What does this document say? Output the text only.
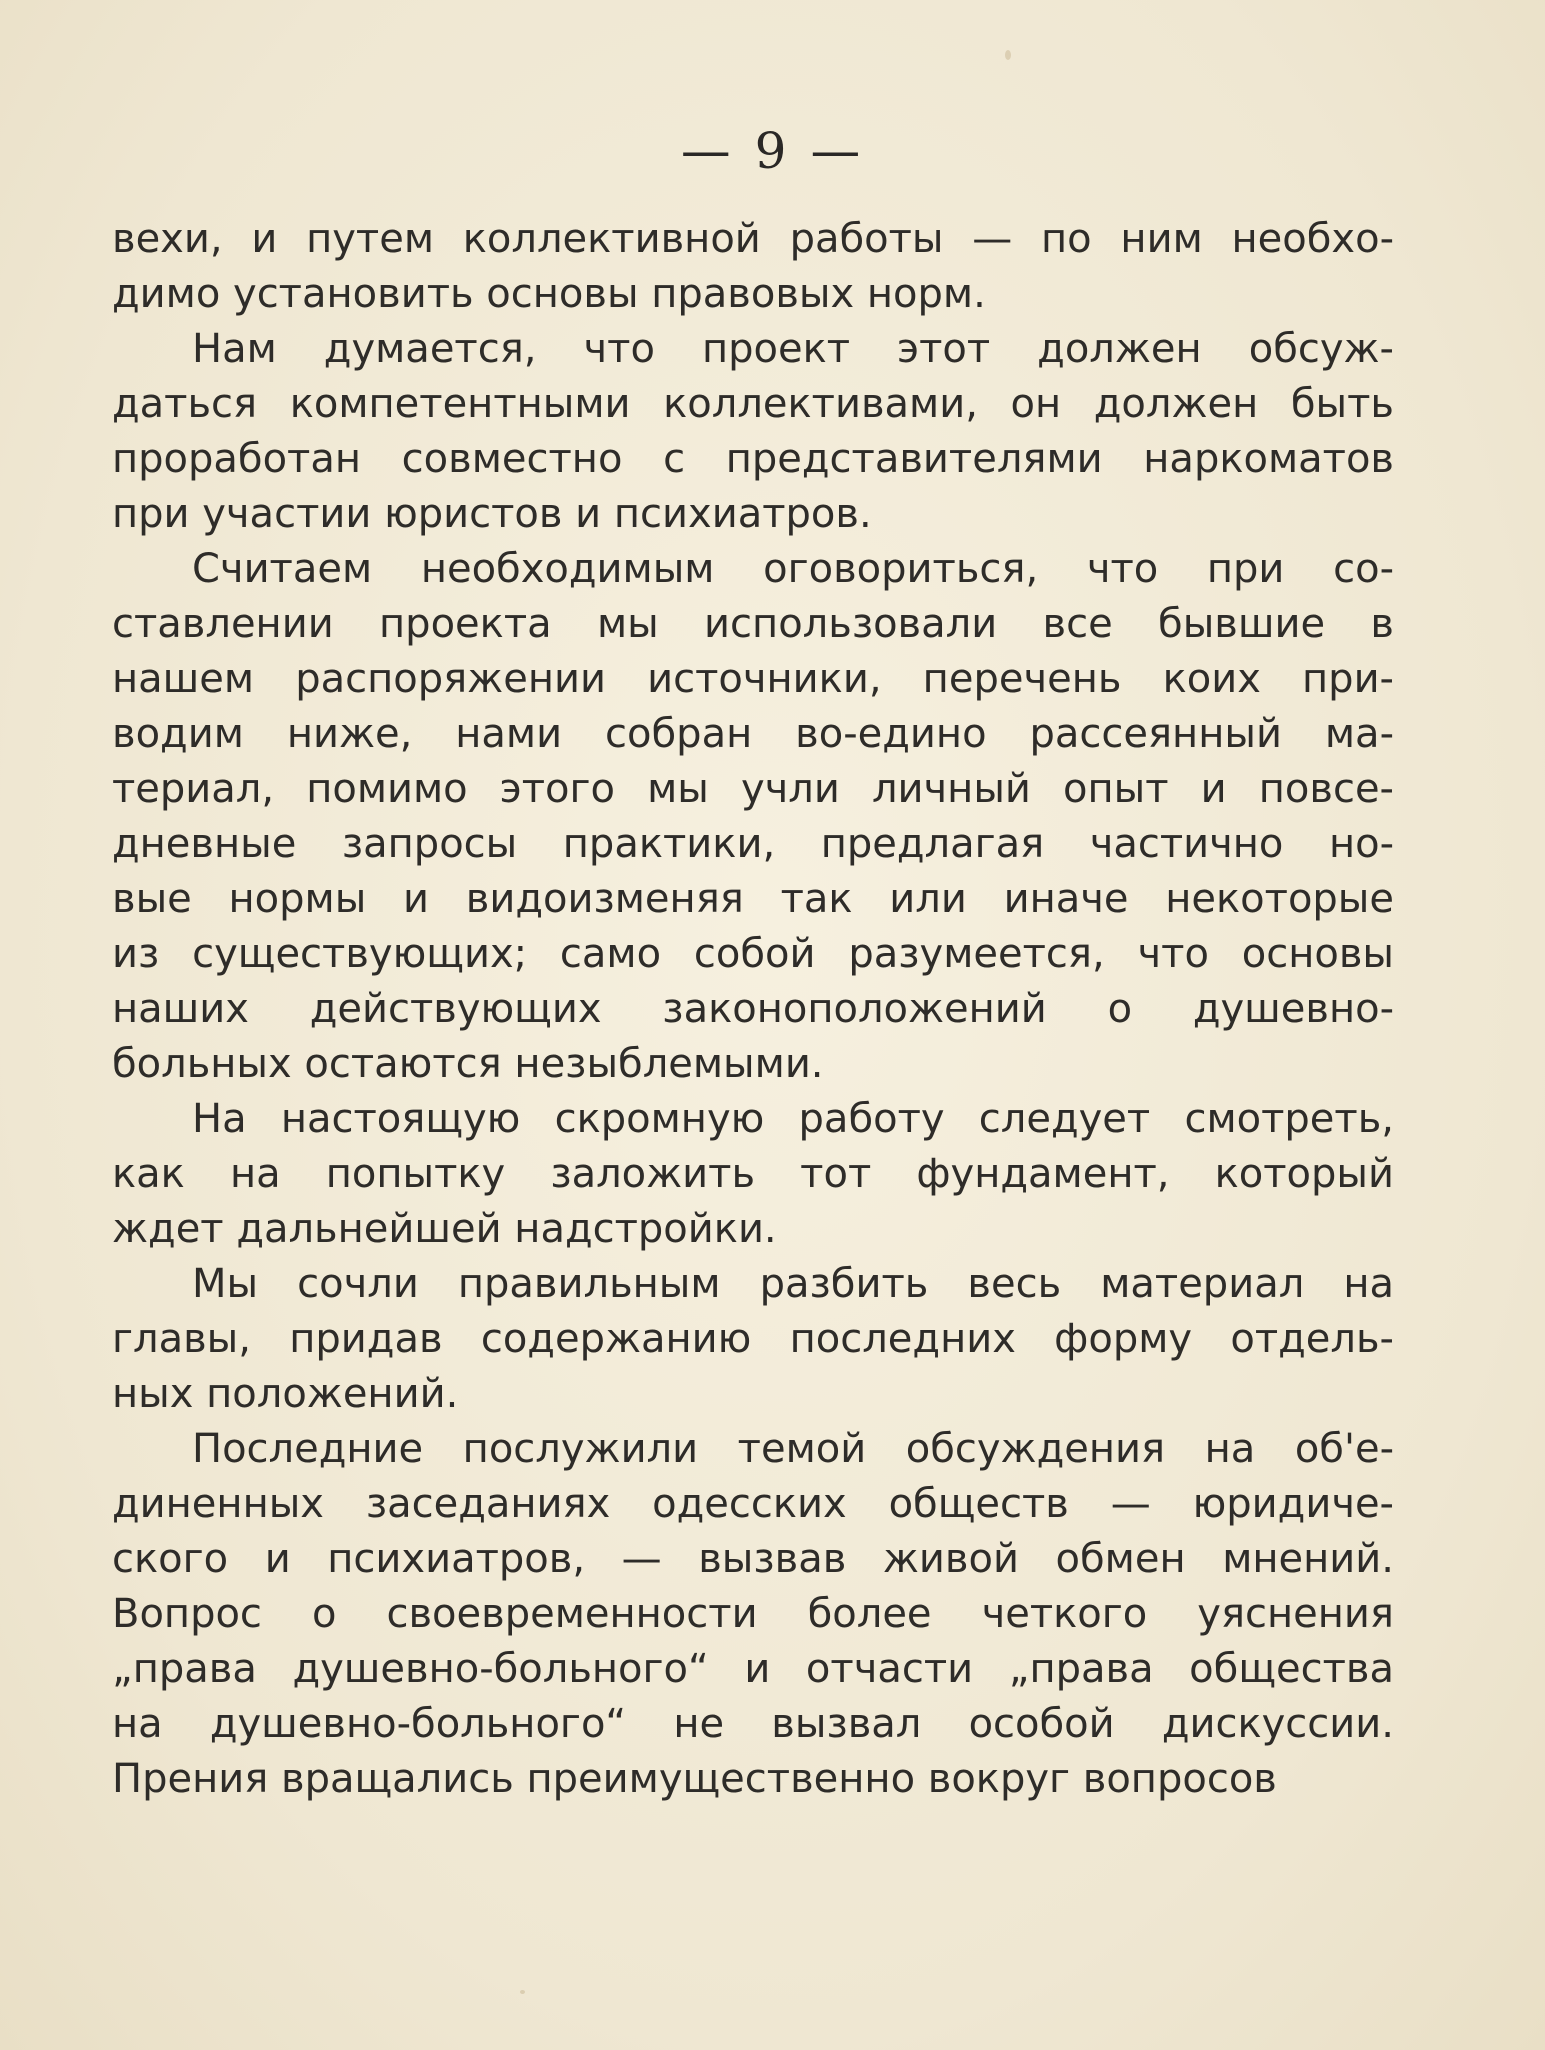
— 9 —
вехи, и путем коллективной работы — по ним необхо-
димо установить основы правовых норм.
Нам думается, что проект этот должен обсуж-
даться компетентными коллективами, он должен быть
проработан совместно с представителями наркоматов
при участии юристов и психиатров.
Считаем необходимым оговориться, что при со-
ставлении проекта мы использовали все бывшие в
нашем распоряжении источники, перечень коих при-
водим ниже, нами собран во-едино рассеянный ма-
териал, помимо этого мы учли личный опыт и повсе-
дневные запросы практики, предлагая частично но-
вые нормы и видоизменяя так или иначе некоторые
из существующих; само собой разумеется, что основы
наших действующих законоположений о душевно-
больных остаются незыблемыми.
На настоящую скромную работу следует смотреть,
как на попытку заложить тот фундамент, который
ждет дальнейшей надстройки.
Мы сочли правильным разбить весь материал на
главы, придав содержанию последних форму отдель-
ных положений.
Последние послужили темой обсуждения на об'е-
диненных заседаниях одесских обществ — юридиче-
ского и психиатров, — вызвав живой обмен мнений.
Вопрос о своевременности более четкого уяснения
„права душевно-больного“ и отчасти „права общества
на душевно-больного“ не вызвал особой дискуссии.
Прения вращались преимущественно вокруг вопросов
